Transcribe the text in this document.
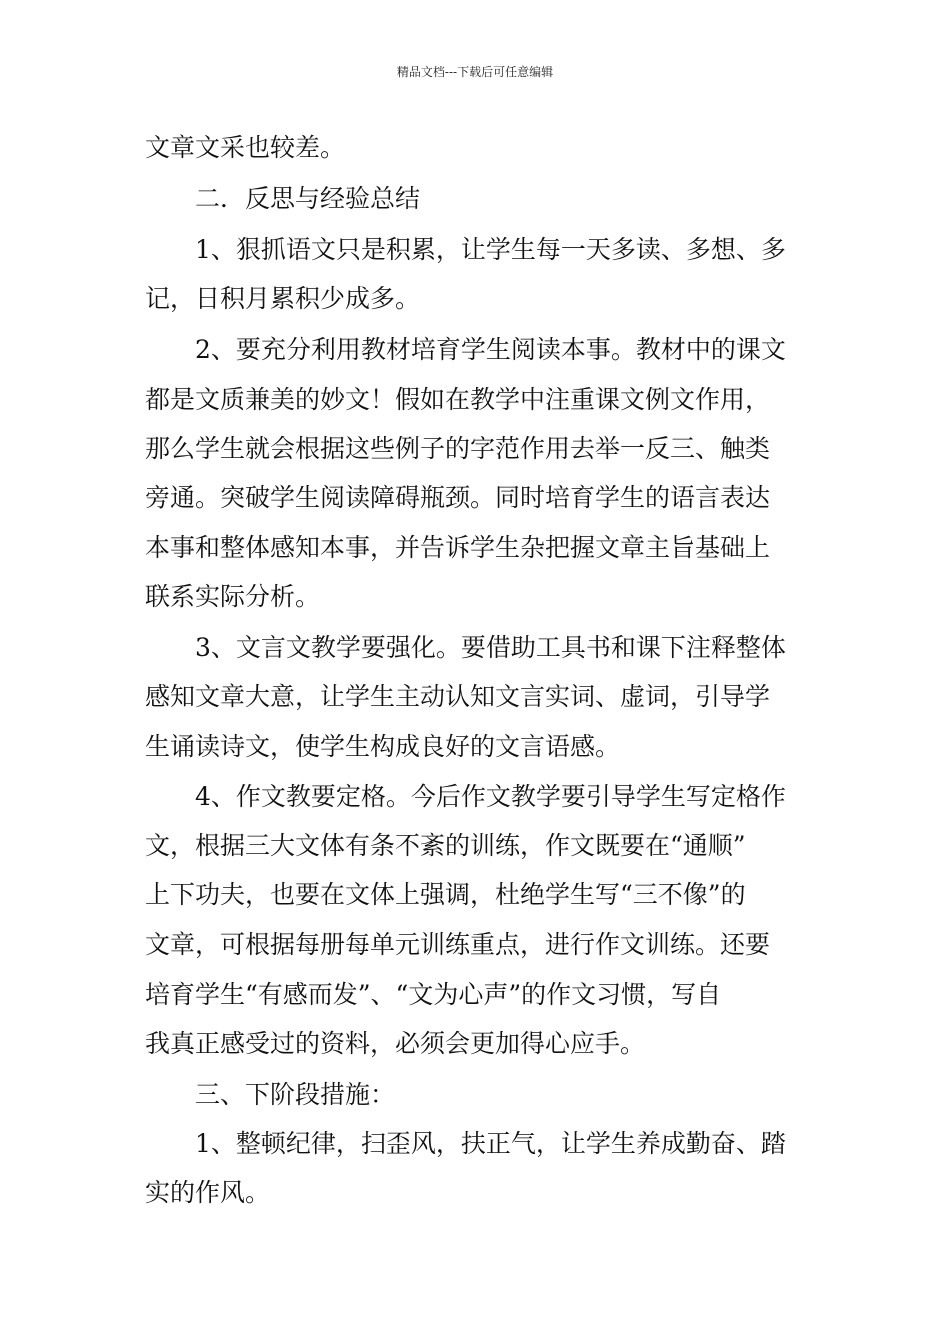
精品文档---下载后可任意编辑
文章文采也较差。
二．反思与经验总结
1、狠抓语文只是积累，让学生每一天多读、多想、多
记，日积月累积少成多。
2、要充分利用教材培育学生阅读本事。教材中的课文
都是文质兼美的妙文！假如在教学中注重课文例文作用，
那么学生就会根据这些例子的字范作用去举一反三、触类
旁通。突破学生阅读障碍瓶颈。同时培育学生的语言表达
本事和整体感知本事，并告诉学生杂把握文章主旨基础上
联系实际分析。
3、文言文教学要强化。要借助工具书和课下注释整体
感知文章大意，让学生主动认知文言实词、虚词，引导学
生诵读诗文，使学生构成良好的文言语感。
4、作文教要定格。今后作文教学要引导学生写定格作
文，根据三大文体有条不紊的训练，作文既要在“通顺”
上下功夫，也要在文体上强调，杜绝学生写“三不像”的
文章，可根据每册每单元训练重点，进行作文训练。还要
培育学生“有感而发”、“文为心声”的作文习惯，写自
我真正感受过的资料，必须会更加得心应手。
三、下阶段措施：
1、整顿纪律，扫歪风，扶正气，让学生养成勤奋、踏
实的作风。
